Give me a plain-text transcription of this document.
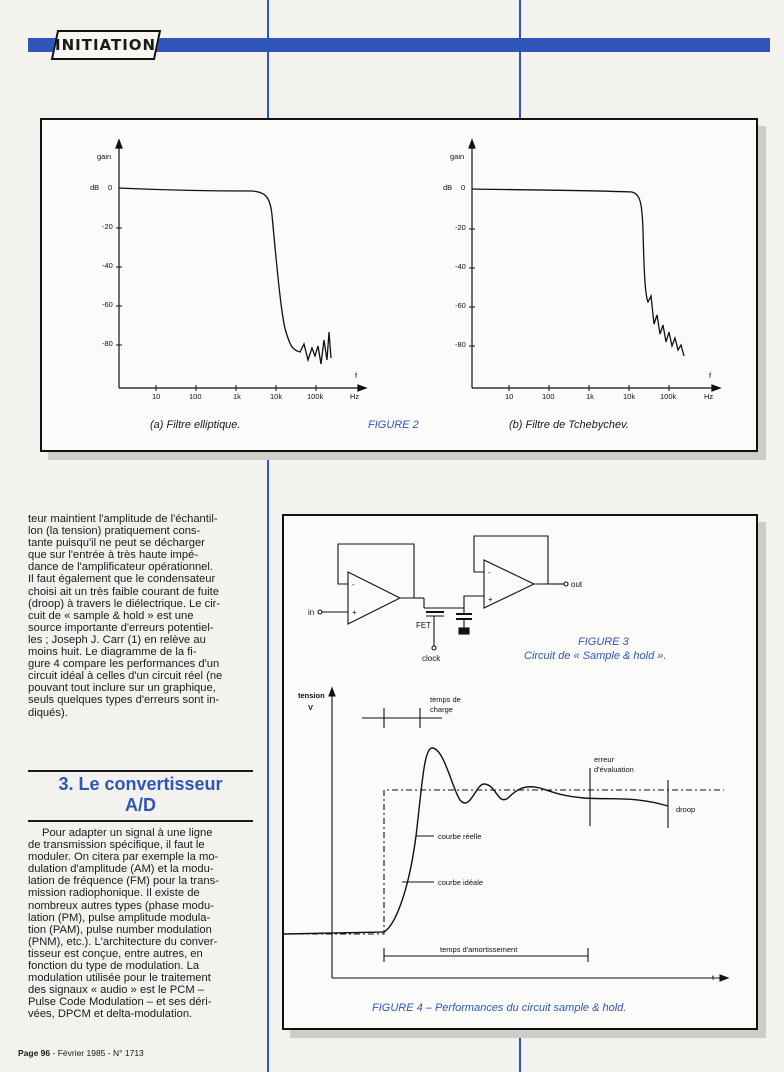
INITIATION
gain
dB 0
-20
-40
-60
-80
10	100	1k	10k	100k
f
Hz
gain
dB 0
-20
-40
-60
-80
10	100	1k	10k	100k
f
Hz
(a) Filtre elliptique.	FIGURE 2	(b) Filtre de Tchebychev.
teur maintient l'amplitude de l'échantil-
lon (la tension) pratiquement cons-
tante puisqu'il ne peut se décharger
que sur l'entrée à très haute impé-
dance de l'amplificateur opérationnel.
Il faut également que le condensateur
choisi ait un très faible courant de fuite
(droop) à travers le diélectrique. Le cir-
cuit de « sample & hold » est une
source importante d'erreurs potentiel-
les ; Joseph J. Carr (1) en relève au
moins huit. Le diagramme de la fi-
gure 4 compare les performances d'un
circuit idéal à celles d'un circuit réel (ne
pouvant tout inclure sur un graphique,
seuls quelques types d'erreurs sont in-
diqués).
3. Le convertisseur
A/D
Pour adapter un signal à une ligne
de transmission spécifique, il faut le
moduler. On citera par exemple la mo-
dulation d'amplitude (AM) et la modu-
lation de fréquence (FM) pour la trans-
mission radiophonique. Il existe de
nombreux autres types (phase modu-
lation (PM), pulse amplitude modula-
tion (PAM), pulse number modulation
(PNM), etc.). L'architecture du conver-
tisseur est conçue, entre autres, en
fonction du type de modulation. La
modulation utilisée pour le traitement
des signaux « audio » est le PCM –
Pulse Code Modulation – et ses déri-
vées, DPCM et delta-modulation.
Page 96 - Février 1985 - N° 1713
in
out
FET
clock
-
+
-
+
tension
V
t
temps de
charge
erreur
d'évaluation
droop
courbe réelle
courbe idéale
temps d'amortissement
FIGURE 3
Circuit de « Sample & hold ».
FIGURE 4 – Performances du circuit sample & hold.
